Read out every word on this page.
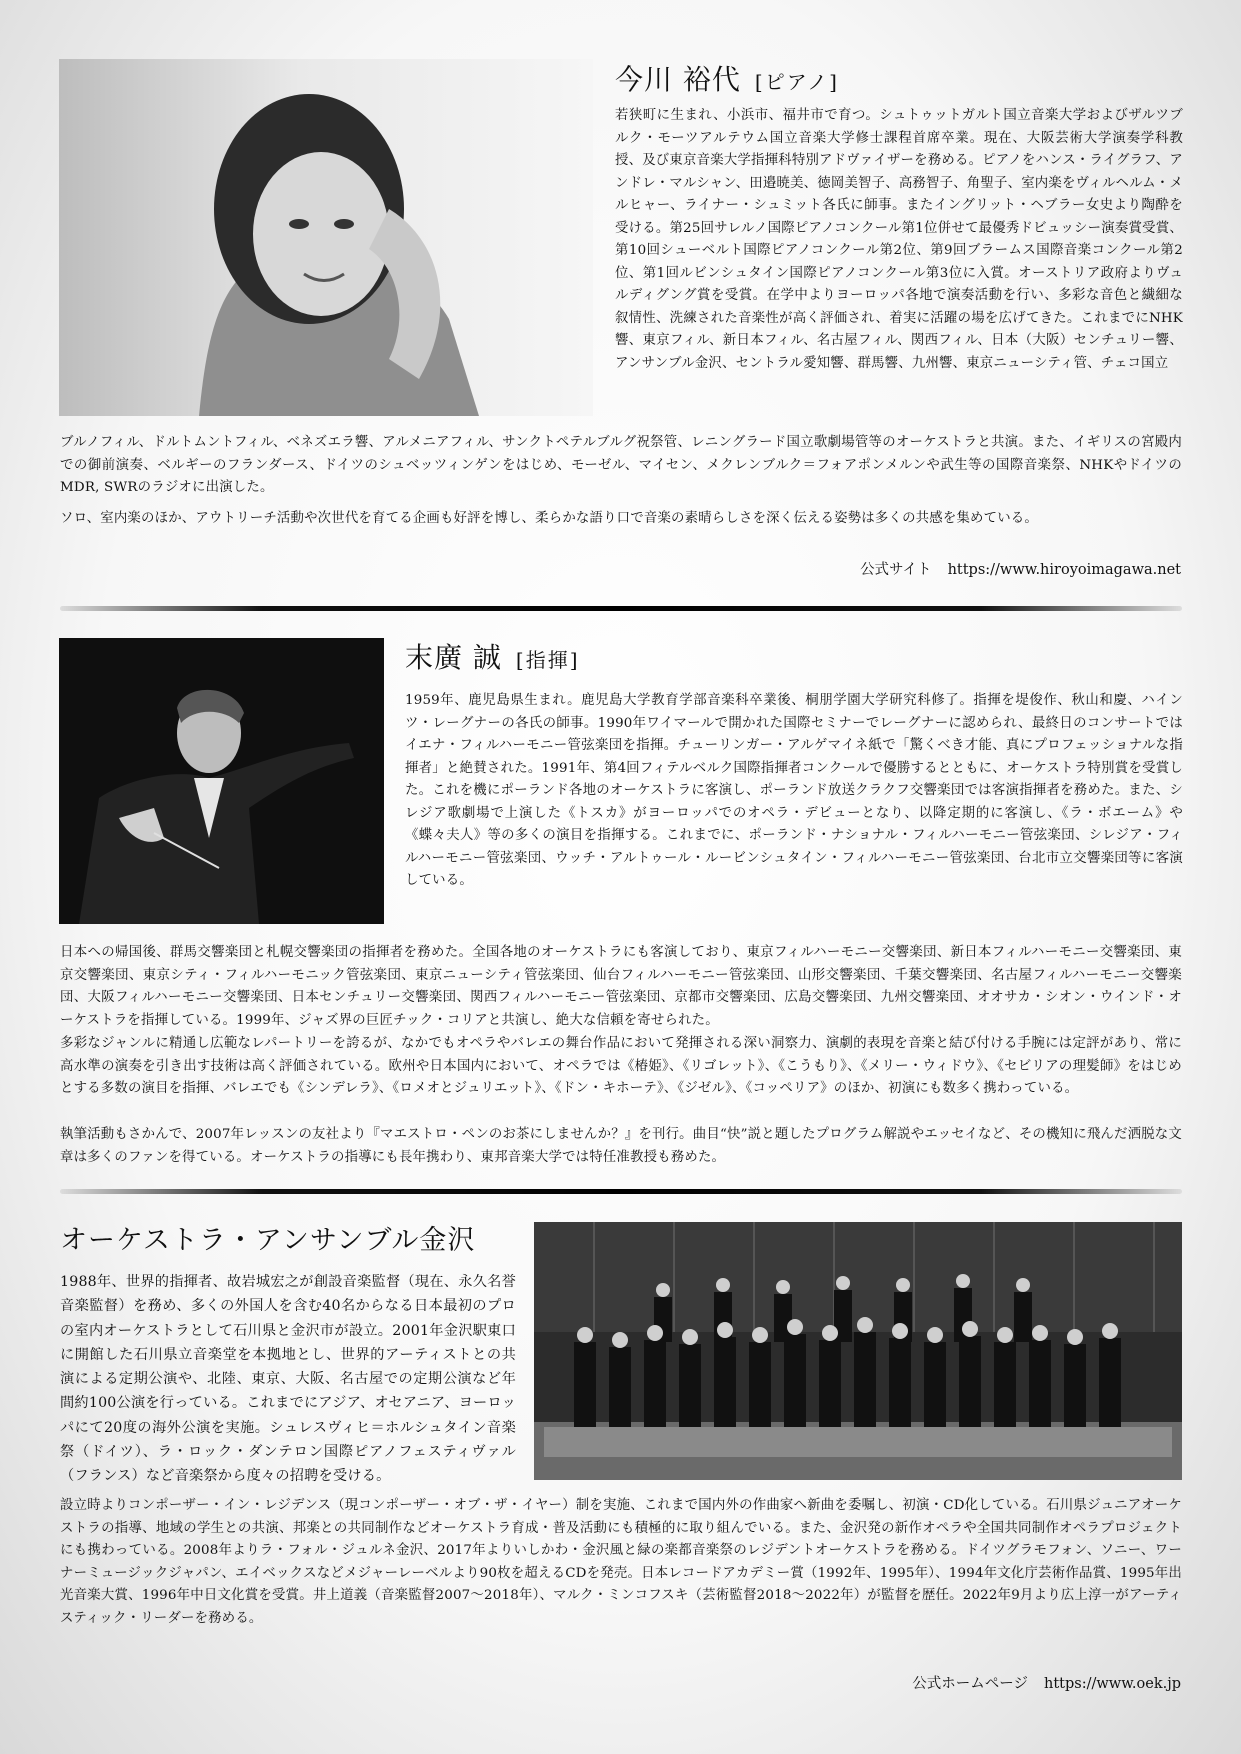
今川 裕代 [ピアノ]

若狭町に生まれ、小浜市、福井市で育つ。シュトゥットガルト国立音楽大学およびザルツブルク・モーツアルテウム国立音楽大学修士課程首席卒業。現在、大阪芸術大学演奏学科教授、及び東京音楽大学指揮科特別アドヴァイザーを務める。ピアノをハンス・ライグラフ、アンドレ・マルシャン、田邉暁美、徳岡美智子、高務智子、角聖子、室内楽をヴィルヘルム・メルヒャー、ライナー・シュミット各氏に師事。またイングリット・ヘブラー女史より陶酔を受ける。第25回サレルノ国際ピアノコンクール第1位併せて最優秀ドビュッシー演奏賞受賞、第10回シューベルト国際ピアノコンクール第2位、第9回ブラームス国際音楽コンクール第2位、第1回ルビンシュタイン国際ピアノコンクール第3位に入賞。オーストリア政府よりヴュルディグング賞を受賞。在学中よりヨーロッパ各地で演奏活動を行い、多彩な音色と繊細な叙情性、洗練された音楽性が高く評価され、着実に活躍の場を広げてきた。これまでにNHK響、東京フィル、新日本フィル、名古屋フィル、関西フィル、日本（大阪）センチュリー響、アンサンブル金沢、セントラル愛知響、群馬響、九州響、東京ニューシティ管、チェコ国立

ブルノフィル、ドルトムントフィル、ベネズエラ響、アルメニアフィル、サンクトペテルブルグ祝祭管、レニングラード国立歌劇場管等のオーケストラと共演。また、イギリスの宮殿内での御前演奏、ベルギーのフランダース、ドイツのシュベッツィンゲンをはじめ、モーゼル、マイセン、メクレンブルク＝フォアポンメルンや武生等の国際音楽祭、NHKやドイツのMDR, SWRのラジオに出演した。

ソロ、室内楽のほか、アウトリーチ活動や次世代を育てる企画も好評を博し、柔らかな語り口で音楽の素晴らしさを深く伝える姿勢は多くの共感を集めている。

公式サイト https://www.hiroyoimagawa.net
末廣 誠 [指揮]

1959年、鹿児島県生まれ。鹿児島大学教育学部音楽科卒業後、桐朋学園大学研究科修了。指揮を堤俊作、秋山和慶、ハインツ・レーグナーの各氏の師事。1990年ワイマールで開かれた国際セミナーでレーグナーに認められ、最終日のコンサートではイエナ・フィルハーモニー管弦楽団を指揮。チューリンガー・アルゲマイネ紙で「驚くべき才能、真にプロフェッショナルな指揮者」と絶賛された。1991年、第4回フィテルベルク国際指揮者コンクールで優勝するとともに、オーケストラ特別賞を受賞した。これを機にポーランド各地のオーケストラに客演し、ポーランド放送クラクフ交響楽団では客演指揮者を務めた。また、シレジア歌劇場で上演した《トスカ》がヨーロッパでのオペラ・デビューとなり、以降定期的に客演し、《ラ・ボエーム》や《蝶々夫人》等の多くの演目を指揮する。これまでに、ポーランド・ナショナル・フィルハーモニー管弦楽団、シレジア・フィルハーモニー管弦楽団、ウッチ・アルトゥール・ルービンシュタイン・フィルハーモニー管弦楽団、台北市立交響楽団等に客演している。

日本への帰国後、群馬交響楽団と札幌交響楽団の指揮者を務めた。全国各地のオーケストラにも客演しており、東京フィルハーモニー交響楽団、新日本フィルハーモニー交響楽団、東京交響楽団、東京シティ・フィルハーモニック管弦楽団、東京ニューシティ管弦楽団、仙台フィルハーモニー管弦楽団、山形交響楽団、千葉交響楽団、名古屋フィルハーモニー交響楽団、大阪フィルハーモニー交響楽団、日本センチュリー交響楽団、関西フィルハーモニー管弦楽団、京都市交響楽団、広島交響楽団、九州交響楽団、オオサカ・シオン・ウインド・オーケストラを指揮している。1999年、ジャズ界の巨匠チック・コリアと共演し、絶大な信頼を寄せられた。

多彩なジャンルに精通し広範なレパートリーを誇るが、なかでもオペラやバレエの舞台作品において発揮される深い洞察力、演劇的表現を音楽と結び付ける手腕には定評があり、常に高水準の演奏を引き出す技術は高く評価されている。欧州や日本国内において、オペラでは《椿姫》、《リゴレット》、《こうもり》、《メリー・ウィドウ》、《セビリアの理髪師》をはじめとする多数の演目を指揮、バレエでも《シンデレラ》、《ロメオとジュリエット》、《ドン・キホーテ》、《ジゼル》、《コッペリア》のほか、初演にも数多く携わっている。

執筆活動もさかんで、2007年レッスンの友社より『マエストロ・ペンのお茶にしませんか？』を刊行。曲目“快”説と題したプログラム解説やエッセイなど、その機知に飛んだ洒脱な文章は多くのファンを得ている。オーケストラの指導にも長年携わり、東邦音楽大学では特任准教授も務めた。

オーケストラ・アンサンブル金沢

1988年、世界的指揮者、故岩城宏之が創設音楽監督（現在、永久名誉音楽監督）を務め、多くの外国人を含む40名からなる日本最初のプロの室内オーケストラとして石川県と金沢市が設立。2001年金沢駅東口に開館した石川県立音楽堂を本拠地とし、世界的アーティストとの共演による定期公演や、北陸、東京、大阪、名古屋での定期公演など年間約100公演を行っている。これまでにアジア、オセアニア、ヨーロッパにて20度の海外公演を実施。シュレスヴィヒ＝ホルシュタイン音楽祭（ドイツ）、ラ・ロック・ダンテロン国際ピアノフェスティヴァル（フランス）など音楽祭から度々の招聘を受ける。

設立時よりコンポーザー・イン・レジデンス（現コンポーザー・オブ・ザ・イヤー）制を実施、これまで国内外の作曲家へ新曲を委嘱し、初演・CD化している。石川県ジュニアオーケストラの指導、地域の学生との共演、邦楽との共同制作などオーケストラ育成・普及活動にも積極的に取り組んでいる。また、金沢発の新作オペラや全国共同制作オペラプロジェクトにも携わっている。2008年よりラ・フォル・ジュルネ金沢、2017年よりいしかわ・金沢風と緑の楽都音楽祭のレジデントオーケストラを務める。ドイツグラモフォン、ソニー、ワーナーミュージックジャパン、エイベックスなどメジャーレーベルより90枚を超えるCDを発売。日本レコードアカデミー賞（1992年、1995年）、1994年文化庁芸術作品賞、1995年出光音楽大賞、1996年中日文化賞を受賞。井上道義（音楽監督2007～2018年）、マルク・ミンコフスキ（芸術監督2018～2022年）が監督を歴任。2022年9月より広上淳一がアーティスティック・リーダーを務める。

公式ホームページ https://www.oek.jp
